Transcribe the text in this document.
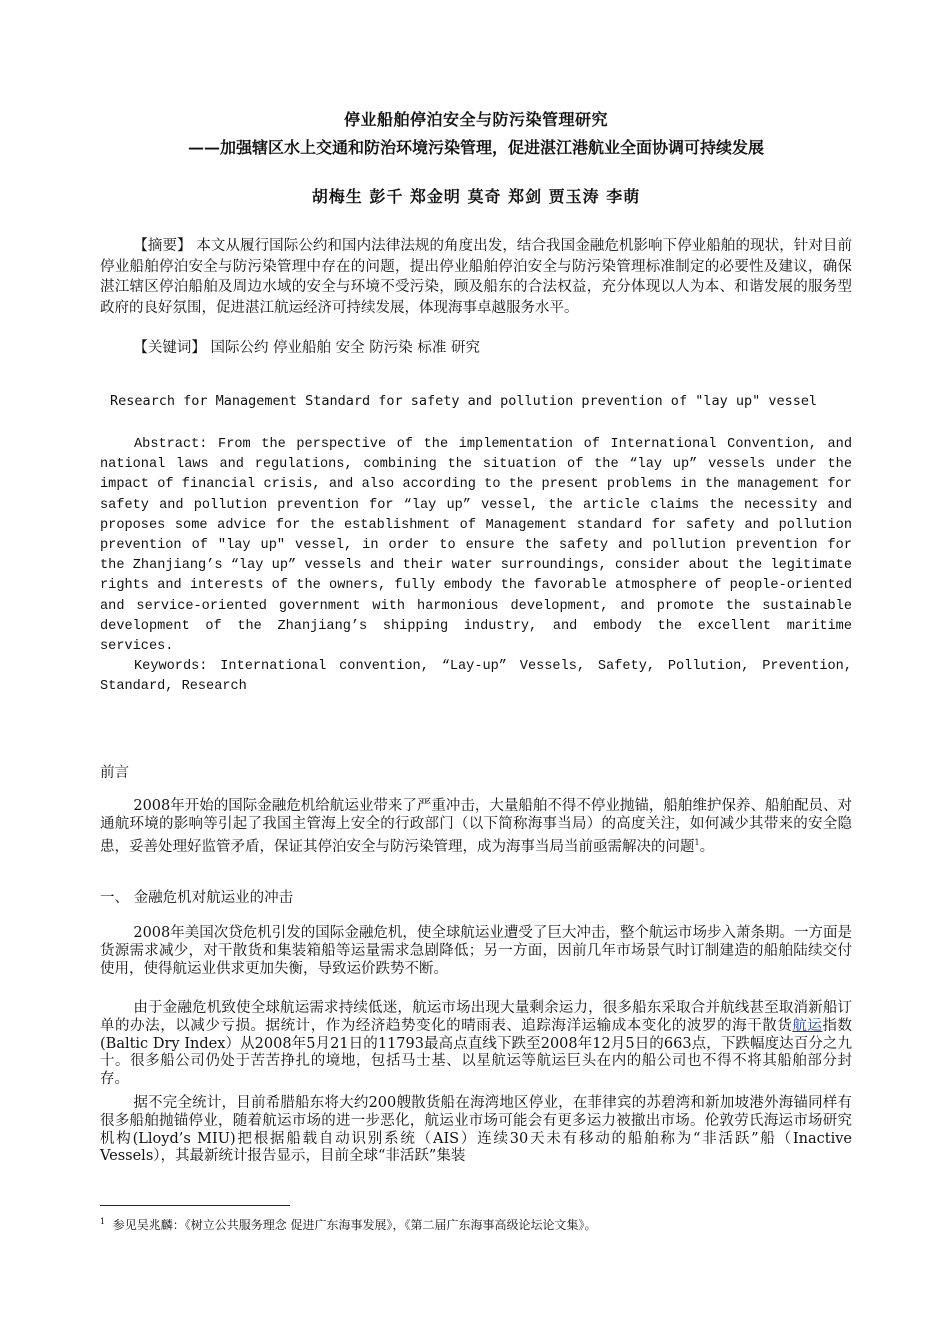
停业船舶停泊安全与防污染管理研究
——加强辖区水上交通和防治环境污染管理，促进湛江港航业全面协调可持续发展
胡梅生 彭千 郑金明 莫奇 郑剑 贾玉涛 李萌
【摘要】 本文从履行国际公约和国内法律法规的角度出发，结合我国金融危机影响下停业船舶的现状，针对目前停业船舶停泊安全与防污染管理中存在的问题，提出停业船舶停泊安全与防污染管理标准制定的必要性及建议，确保湛江辖区停泊船舶及周边水域的安全与环境不受污染，顾及船东的合法权益，充分体现以人为本、和谐发展的服务型政府的良好氛围，促进湛江航运经济可持续发展，体现海事卓越服务水平。
【关键词】 国际公约 停业船舶 安全 防污染 标准 研究
Research for Management Standard for safety and pollution prevention of "lay up" vessel

Abstract: From the perspective of the implementation of International Convention, and national laws and regulations, combining the situation of the “lay up” vessels under the impact of financial crisis, and also according to the present problems in the management for safety and pollution prevention for “lay up” vessel, the article claims the necessity and proposes some advice for the establishment of Management standard for safety and pollution prevention of "lay up" vessel, in order to ensure the safety and pollution prevention for the Zhanjiang’s “lay up” vessels and their water surroundings, consider about the legitimate rights and interests of the owners, fully embody the favorable atmosphere of people-oriented and service-oriented government with harmonious development, and promote the sustainable development of the Zhanjiang’s shipping industry, and embody the excellent maritime services.

Keywords: International convention, “Lay-up” Vessels, Safety, Pollution, Prevention, Standard, Research

前言
2008年开始的国际金融危机给航运业带来了严重冲击，大量船舶不得不停业抛锚，船舶维护保养、船舶配员、对通航环境的影响等引起了我国主管海上安全的行政部门（以下简称海事当局）的高度关注，如何减少其带来的安全隐患，妥善处理好监管矛盾，保证其停泊安全与防污染管理，成为海事当局当前亟需解决的问题$^1$。
一、 金融危机对航运业的冲击
2008年美国次贷危机引发的国际金融危机，使全球航运业遭受了巨大冲击，整个航运市场步入萧条期。一方面是货源需求减少，对干散货和集装箱船等运量需求急剧降低；另一方面，因前几年市场景气时订制建造的船舶陆续交付使用，使得航运业供求更加失衡，导致运价跌势不断。
由于金融危机致使全球航运需求持续低迷，航运市场出现大量剩余运力，很多船东采取合并航线甚至取消新船订单的办法，以减少亏损。据统计，作为经济趋势变化的晴雨表、追踪海洋运输成本变化的波罗的海干散货航运指数(Baltic Dry Index）从2008年5月21日的11793最高点直线下跌至2008年12月5日的663点，下跌幅度达百分之九十。很多船公司仍处于苦苦挣扎的境地，包括马士基、以星航运等航运巨头在内的船公司也不得不将其船舶部分封存。
据不完全统计，目前希腊船东将大约200艘散货船在海湾地区停业，在菲律宾的苏碧湾和新加坡港外海锚同样有很多船舶抛锚停业，随着航运市场的进一步恶化，航运业市场可能会有更多运力被撤出市场。伦敦劳氏海运市场研究机构(Lloyd’s MIU)把根据船载自动识别系统（AIS）连续30天未有移动的船舶称为“非活跃”船（Inactive Vessels），其最新统计报告显示，目前全球“非活跃”集装
$^1$ 参见吴兆麟：《树立公共服务理念 促进广东海事发展》，《第二届广东海事高级论坛论文集》。
